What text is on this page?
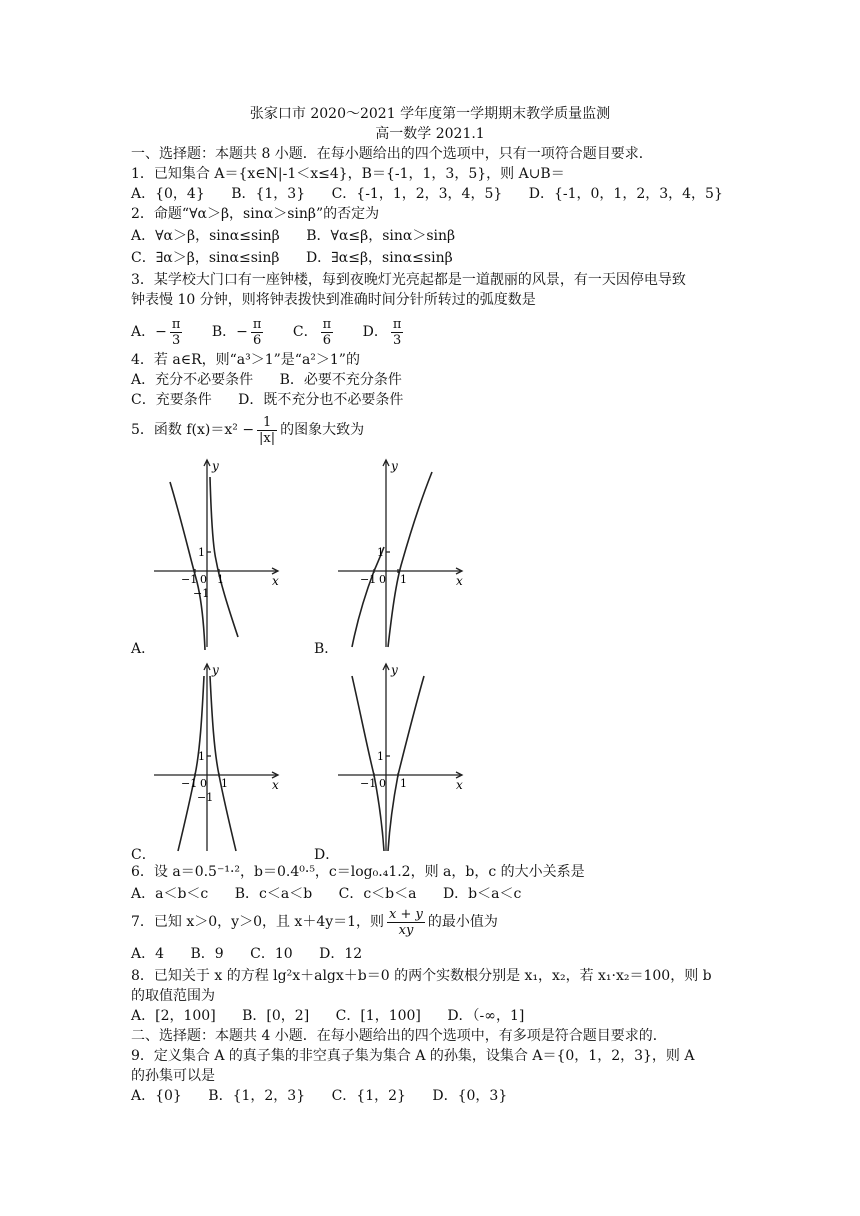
张家口市 2020～2021 学年度第一学期期末教学质量监测
高一数学 2021.1
一、选择题：本题共 8 小题．在每小题给出的四个选项中，只有一项符合题目要求．
1．已知集合 A＝{x∈N|-1＜x≤4}，B＝{-1，1，3，5}，则 A∪B＝
A．{0，4} B．{1，3} C．{-1，1，2，3，4，5} D．{-1，0，1，2，3，4，5}
2．命题“∀α＞β，sinα＞sinβ”的否定为
A．∀α＞β，sinα≤sinβ B．∀α≤β，sinα＞sinβ
C．∃α＞β，sinα≤sinβ D．∃α≤β，sinα≤sinβ
3．某学校大门口有一座钟楼，每到夜晚灯光亮起都是一道靓丽的风景，有一天因停电导致
钟表慢 10 分钟，则将钟表拨快到准确时间分针所转过的弧度数是
A．− $\frac{\pi}{3}$ B．− $\frac{\pi}{6}$ C． $\frac{\pi}{6}$ D． $\frac{\pi}{3}$
4．若 a∈R，则“a³＞1”是“a²＞1”的
A．充分不必要条件 B．必要不充分条件
C．充要条件 D．既不充分也不必要条件
5．函数 $f(x)=x^2 - \frac{1}{|x|}$ 的图象大致为
y
x
1
−1 0 1
−1
A．
y
x
1
−1 0 1
B．
y
x
1
−1 0 1
−1
C．
y
x
1
−1 0 1
D．
6．设 a＝0.5⁻¹·²，b＝0.4⁰·⁵，c＝log₀.₄1.2，则 a，b，c 的大小关系是
A．a＜b＜c B．c＜a＜b C．c＜b＜a D．b＜a＜c
7．已知 x＞0，y＞0，且 x＋4y＝1，则 $\frac{x + y}{xy}$ 的最小值为
A．4 B．9 C．10 D．12
8．已知关于 x 的方程 lg²x＋algx＋b＝0 的两个实数根分别是 x₁，x₂，若 x₁·x₂＝100，则 b
的取值范围为
A．[2，100] B．[0，2] C．[1，100] D．（-∞，1]
二、选择题：本题共 4 小题．在每小题给出的四个选项中，有多项是符合题目要求的．
9．定义集合 A 的真子集的非空真子集为集合 A 的孙集，设集合 A＝{0，1，2，3}，则 A
的孙集可以是
A．{0} B．{1，2，3} C．{1，2} D．{0，3}
